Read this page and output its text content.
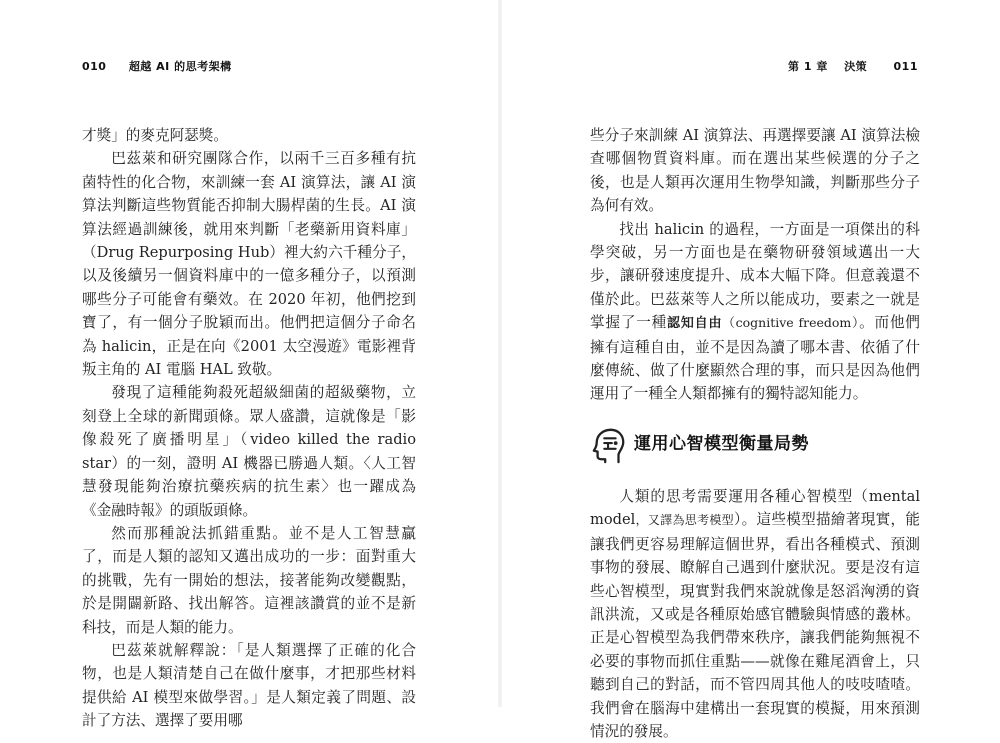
010 超越 AI 的思考架構

才獎」的麥克阿瑟獎。

巴茲萊和研究團隊合作，以兩千三百多種有抗菌特性的化合物，來訓練一套 AI 演算法，讓 AI 演算法判斷這些物質能否抑制大腸桿菌的生長。AI 演算法經過訓練後，就用來判斷「老藥新用資料庫」（Drug Repurposing Hub）裡大約六千種分子，以及後續另一個資料庫中的一億多種分子，以預測哪些分子可能會有藥效。在 2020 年初，他們挖到寶了，有一個分子脫穎而出。他們把這個分子命名為 halicin，正是在向《2001 太空漫遊》電影裡背叛主角的 AI 電腦 HAL 致敬。

發現了這種能夠殺死超級細菌的超級藥物，立刻登上全球的新聞頭條。眾人盛讚，這就像是「影像殺死了廣播明星」（video killed the radio star）的一刻，證明 AI 機器已勝過人類。〈人工智慧發現能夠治療抗藥疾病的抗生素〉也一躍成為《金融時報》的頭版頭條。

然而那種說法抓錯重點。並不是人工智慧贏了，而是人類的認知又邁出成功的一步：面對重大的挑戰，先有一開始的想法，接著能夠改變觀點，於是開闢新路、找出解答。這裡該讚賞的並不是新科技，而是人類的能力。

巴茲萊就解釋說：「是人類選擇了正確的化合物，也是人類清楚自己在做什麼事，才把那些材料提供給 AI 模型來做學習。」是人類定義了問題、設計了方法、選擇了要用哪

第 1 章 決策 011

些分子來訓練 AI 演算法、再選擇要讓 AI 演算法檢查哪個物質資料庫。而在選出某些候選的分子之後，也是人類再次運用生物學知識，判斷那些分子為何有效。

找出 halicin 的過程，一方面是一項傑出的科學突破，另一方面也是在藥物研發領域邁出一大步，讓研發速度提升、成本大幅下降。但意義還不僅於此。巴茲萊等人之所以能成功，要素之一就是掌握了一種認知自由（cognitive freedom）。而他們擁有這種自由，並不是因為讀了哪本書、依循了什麼傳統、做了什麼顯然合理的事，而只是因為他們運用了一種全人類都擁有的獨特認知能力。

運用心智模型衡量局勢

人類的思考需要運用各種心智模型（mental model，又譯為思考模型）。這些模型描繪著現實，能讓我們更容易理解這個世界，看出各種模式、預測事物的發展、瞭解自己遇到什麼狀況。要是沒有這些心智模型，現實對我們來說就像是怒滔洶湧的資訊洪流，又或是各種原始感官體驗與情感的叢林。正是心智模型為我們帶來秩序，讓我們能夠無視不必要的事物而抓住重點——就像在雞尾酒會上，只聽到自己的對話，而不管四周其他人的吱吱喳喳。我們會在腦海中建構出一套現實的模擬，用來預測情況的發展。
